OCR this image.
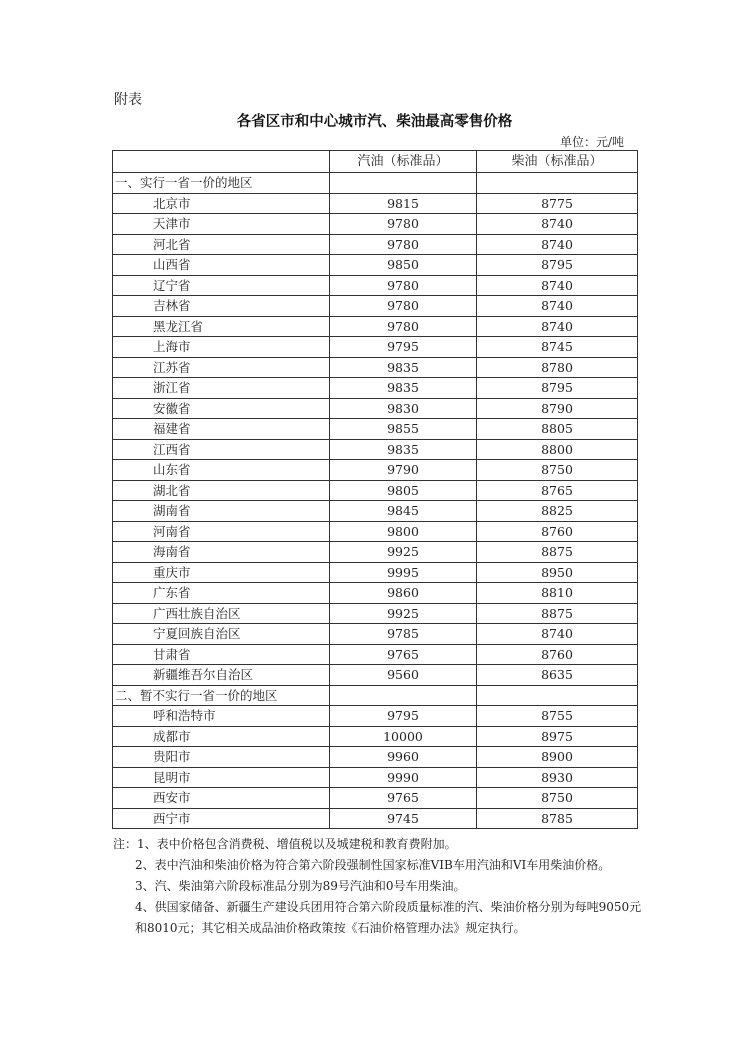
附表
各省区市和中心城市汽、柴油最高零售价格
单位：元/吨
	汽油（标准品）	柴油（标准品）
一、实行一省一价的地区		
北京市	9815	8775
天津市	9780	8740
河北省	9780	8740
山西省	9850	8795
辽宁省	9780	8740
吉林省	9780	8740
黑龙江省	9780	8740
上海市	9795	8745
江苏省	9835	8780
浙江省	9835	8795
安徽省	9830	8790
福建省	9855	8805
江西省	9835	8800
山东省	9790	8750
湖北省	9805	8765
湖南省	9845	8825
河南省	9800	8760
海南省	9925	8875
重庆市	9995	8950
广东省	9860	8810
广西壮族自治区	9925	8875
宁夏回族自治区	9785	8740
甘肃省	9765	8760
新疆维吾尔自治区	9560	8635
二、暂不实行一省一价的地区		
呼和浩特市	9795	8755
成都市	10000	8975
贵阳市	9960	8900
昆明市	9990	8930
西安市	9765	8750
西宁市	9745	8785

注：1、表中价格包含消费税、增值税以及城建税和教育费附加。

2、表中汽油和柴油价格为符合第六阶段强制性国家标准VIB车用汽油和VI车用柴油价格。

3、汽、柴油第六阶段标准品分别为89号汽油和0号车用柴油。

4、供国家储备、新疆生产建设兵团用符合第六阶段质量标准的汽、柴油价格分别为每吨9050元和8010元；其它相关成品油价格政策按《石油价格管理办法》规定执行。
